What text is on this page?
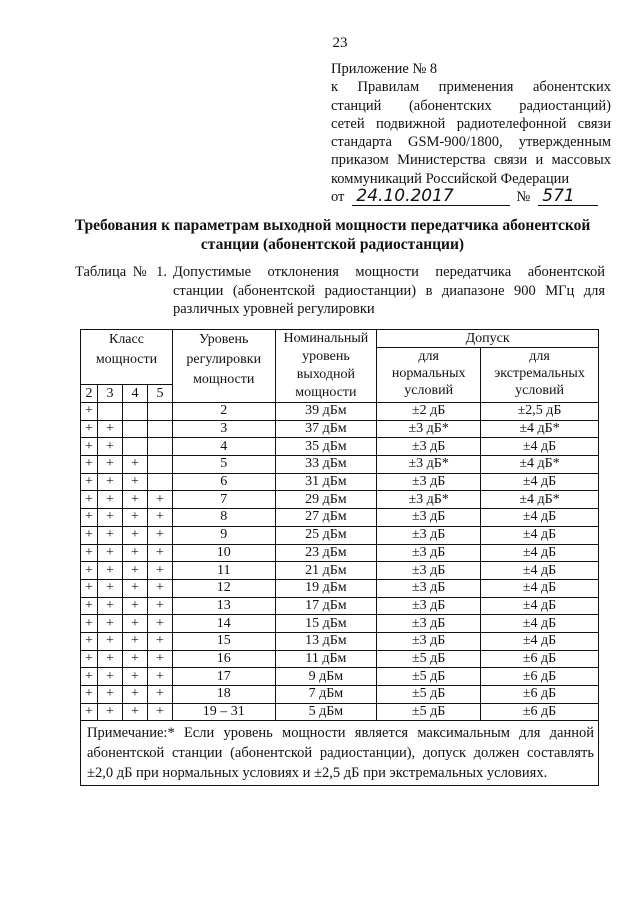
23
Приложение № 8
к Правилам применения абонентских
станций (абонентских радиостанций)
сетей подвижной радиотелефонной связи
стандарта GSM-900/1800, утвержденным
приказом Министерства связи и массовых
коммуникаций Российской Федерации
от 24.10.2017	№ 571
Требования к параметрам выходной мощности передатчика абонентской
станции (абонентской радиостанции)
Таблица № 1. Допустимые отклонения мощности передатчика абонентской
станции (абонентской радиостанции) в диапазоне 900 МГц для
различных уровней регулировки
Класс мощности				Уровень регулировки мощности	Номинальный уровень выходной мощности	Допуск	
						для нормальных условий	для экстремальных условий

2	3	4	5				
+				2	39 дБм	±2 дБ	±2,5 дБ
+	+			3	37 дБм	±3 дБ*	±4 дБ*
+	+			4	35 дБм	±3 дБ	±4 дБ
+	+	+		5	33 дБм	±3 дБ*	±4 дБ*
+	+	+		6	31 дБм	±3 дБ	±4 дБ
+	+	+	+	7	29 дБм	±3 дБ*	±4 дБ*
+	+	+	+	8	27 дБм	±3 дБ	±4 дБ
+	+	+	+	9	25 дБм	±3 дБ	±4 дБ
+	+	+	+	10	23 дБм	±3 дБ	±4 дБ
+	+	+	+	11	21 дБм	±3 дБ	±4 дБ
+	+	+	+	12	19 дБм	±3 дБ	±4 дБ
+	+	+	+	13	17 дБм	±3 дБ	±4 дБ
+	+	+	+	14	15 дБм	±3 дБ	±4 дБ
+	+	+	+	15	13 дБм	±3 дБ	±4 дБ
+	+	+	+	16	11 дБм	±5 дБ	±6 дБ
+	+	+	+	17	9 дБм	±5 дБ	±6 дБ
+	+	+	+	18	7 дБм	±5 дБ	±6 дБ
+	+	+	+	19 – 31	5 дБм	±5 дБ	±6 дБ
Примечание:* Если уровень мощности является максимальным для данной абонентской станции (абонентской радиостанции), допуск должен составлять ±2,0 дБ при нормальных условиях и ±2,5 дБ при экстремальных условиях.							
